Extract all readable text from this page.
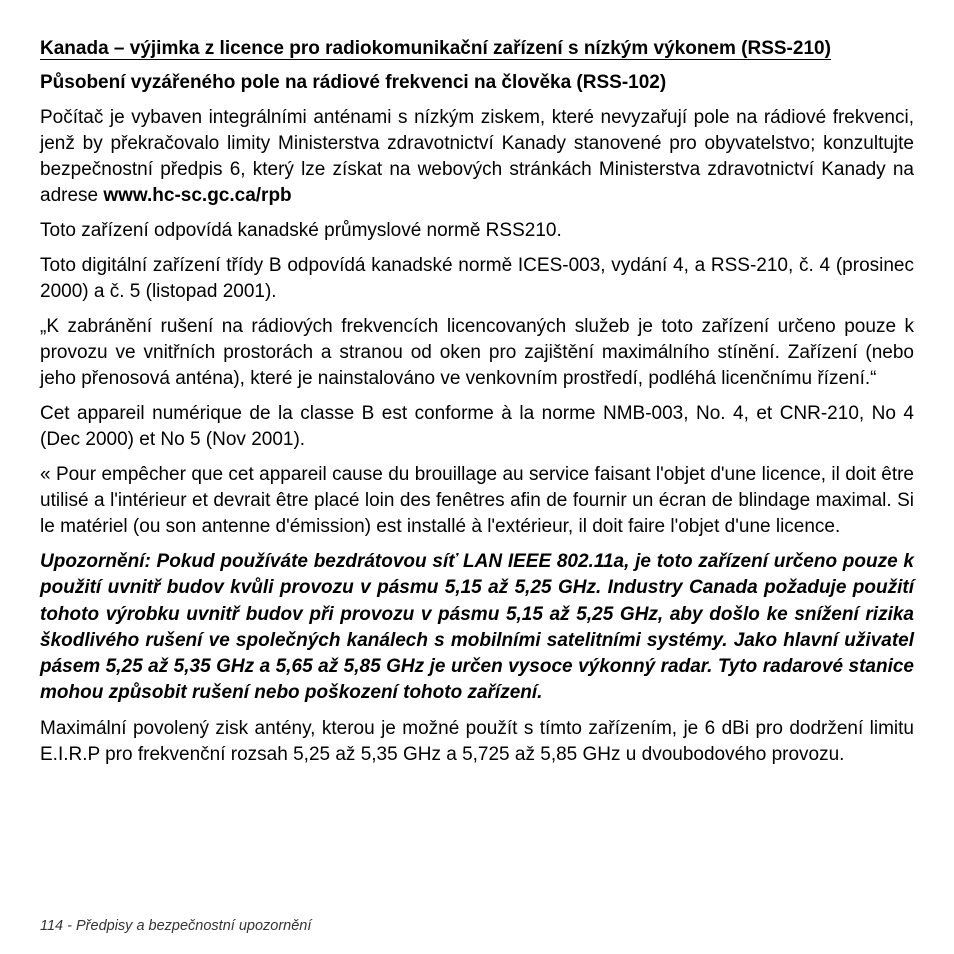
Kanada – výjimka z licence pro radiokomunikační zařízení s nízkým výkonem (RSS-210)
Působení vyzářeného pole na rádiové frekvenci na člověka (RSS-102)

Počítač je vybaven integrálními anténami s nízkým ziskem, které nevyzařují pole na rádiové frekvenci, jenž by překračovalo limity Ministerstva zdravotnictví Kanady stanovené pro obyvatelstvo; konzultujte bezpečnostní předpis 6, který lze získat na webových stránkách Ministerstva zdravotnictví Kanady na adrese www.hc-sc.gc.ca/rpb

Toto zařízení odpovídá kanadské průmyslové normě RSS210.

Toto digitální zařízení třídy B odpovídá kanadské normě ICES-003, vydání 4, a RSS-210, č. 4 (prosinec 2000) a č. 5 (listopad 2001).

„K zabránění rušení na rádiových frekvencích licencovaných služeb je toto zařízení určeno pouze k provozu ve vnitřních prostorách a stranou od oken pro zajištění maximálního stínění. Zařízení (nebo jeho přenosová anténa), které je nainstalováno ve venkovním prostředí, podléhá licenčnímu řízení.“

Cet appareil numérique de la classe B est conforme à la norme NMB-003, No. 4, et CNR-210, No 4 (Dec 2000) et No 5 (Nov 2001).

« Pour empêcher que cet appareil cause du brouillage au service faisant l'objet d'une licence, il doit être utilisé a l'intérieur et devrait être placé loin des fenêtres afin de fournir un écran de blindage maximal. Si le matériel (ou son antenne d'émission) est installé à l'extérieur, il doit faire l'objet d'une licence.

Upozornění: Pokud používáte bezdrátovou síť LAN IEEE 802.11a, je toto zařízení určeno pouze k použití uvnitř budov kvůli provozu v pásmu 5,15 až 5,25 GHz. Industry Canada požaduje použití tohoto výrobku uvnitř budov při provozu v pásmu 5,15 až 5,25 GHz, aby došlo ke snížení rizika škodlivého rušení ve společných kanálech s mobilními satelitními systémy. Jako hlavní uživatel pásem 5,25 až 5,35 GHz a 5,65 až 5,85 GHz je určen vysoce výkonný radar. Tyto radarové stanice mohou způsobit rušení nebo poškození tohoto zařízení.

Maximální povolený zisk antény, kterou je možné použít s tímto zařízením, je 6 dBi pro dodržení limitu E.I.R.P pro frekvenční rozsah 5,25 až 5,35 GHz a 5,725 až 5,85 GHz u dvoubodového provozu.

114 - Předpisy a bezpečnostní upozornění
